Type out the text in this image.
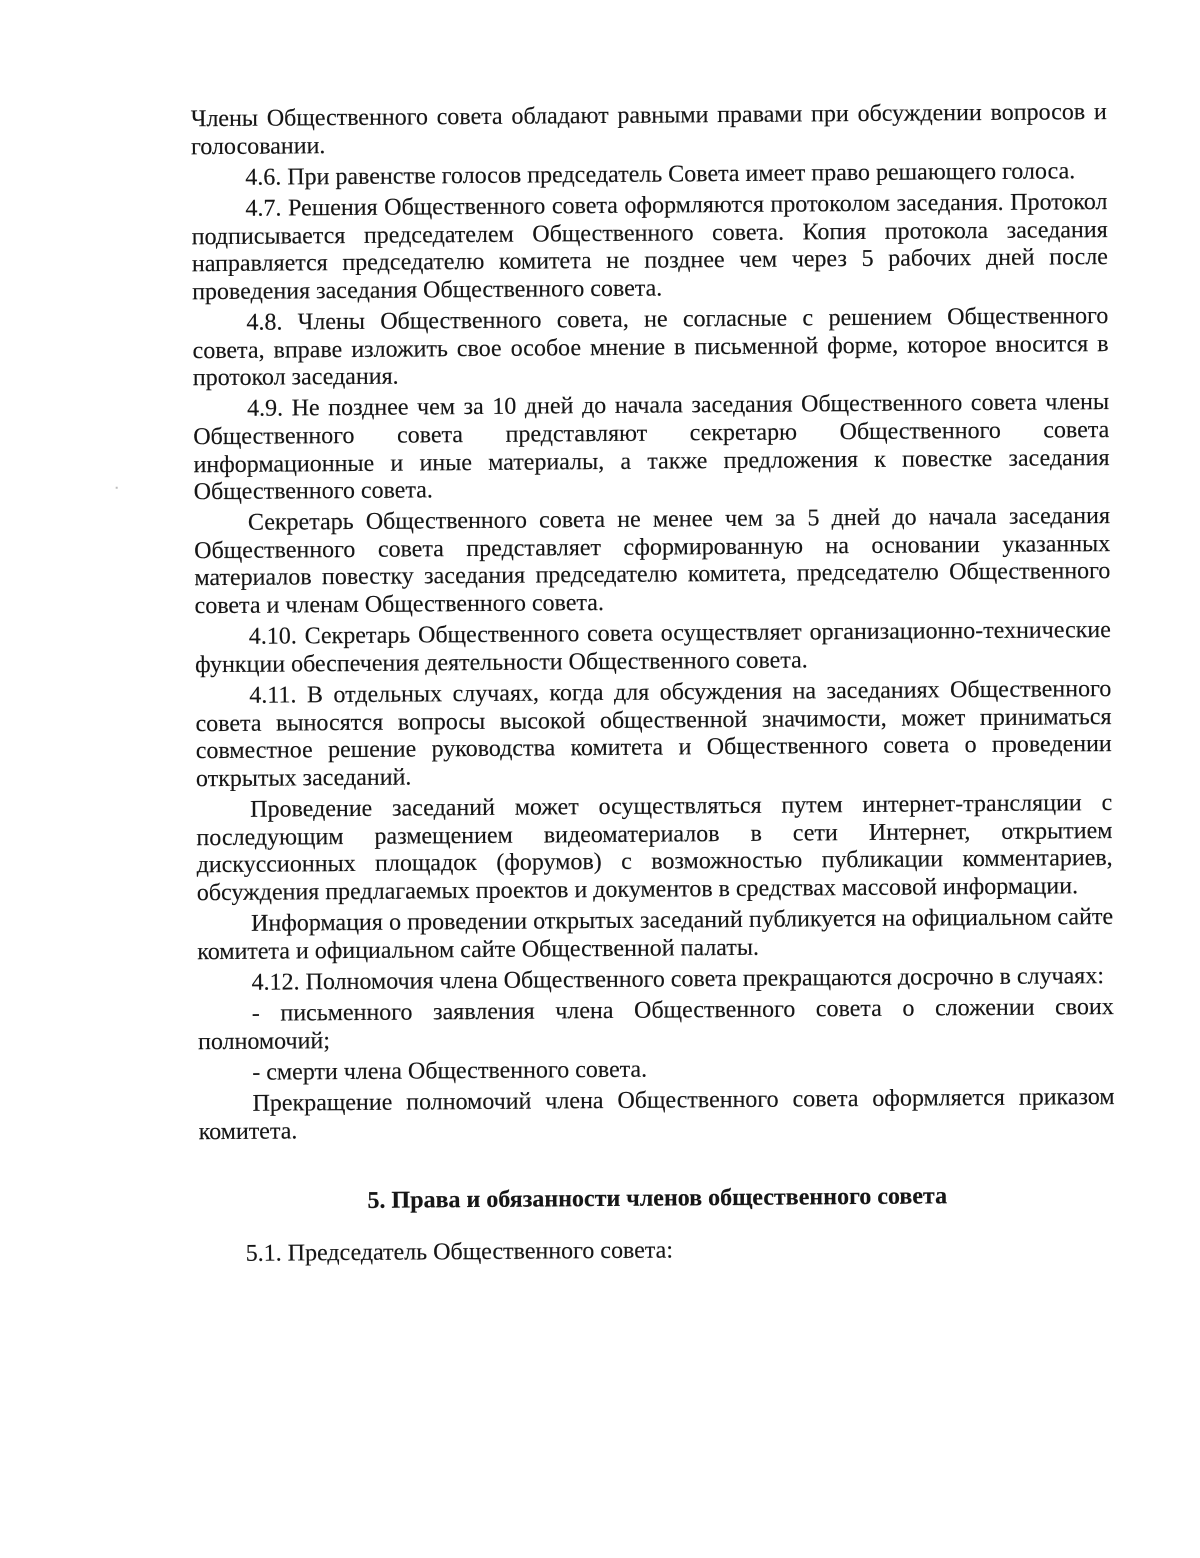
Члены Общественного совета обладают равными правами при обсуждении вопросов и голосовании.

4.6. При равенстве голосов председатель Совета имеет право решающего голоса.

4.7. Решения Общественного совета оформляются протоколом заседания. Протокол подписывается председателем Общественного совета. Копия протокола заседания направляется председателю комитета не позднее чем через 5 рабочих дней после проведения заседания Общественного совета.

4.8. Члены Общественного совета, не согласные с решением Общественного совета, вправе изложить свое особое мнение в письменной форме, которое вносится в протокол заседания.

4.9. Не позднее чем за 10 дней до начала заседания Общественного совета члены Общественного совета представляют секретарю Общественного совета информационные и иные материалы, а также предложения к повестке заседания Общественного совета.

Секретарь Общественного совета не менее чем за 5 дней до начала заседания Общественного совета представляет сформированную на основании указанных материалов повестку заседания председателю комитета, председателю Общественного совета и членам Общественного совета.

4.10. Секретарь Общественного совета осуществляет организационно-технические функции обеспечения деятельности Общественного совета.

4.11. В отдельных случаях, когда для обсуждения на заседаниях Общественного совета выносятся вопросы высокой общественной значимости, может приниматься совместное решение руководства комитета и Общественного совета о проведении открытых заседаний.

Проведение заседаний может осуществляться путем интернет-трансляции с последующим размещением видеоматериалов в сети Интернет, открытием дискуссионных площадок (форумов) с возможностью публикации комментариев, обсуждения предлагаемых проектов и документов в средствах массовой информации.

Информация о проведении открытых заседаний публикуется на официальном сайте комитета и официальном сайте Общественной палаты.

4.12. Полномочия члена Общественного совета прекращаются досрочно в случаях:

- письменного заявления члена Общественного совета о сложении своих полномочий;

- смерти члена Общественного совета.

Прекращение полномочий члена Общественного совета оформляется приказом комитета.

5. Права и обязанности членов общественного совета

5.1. Председатель Общественного совета:
